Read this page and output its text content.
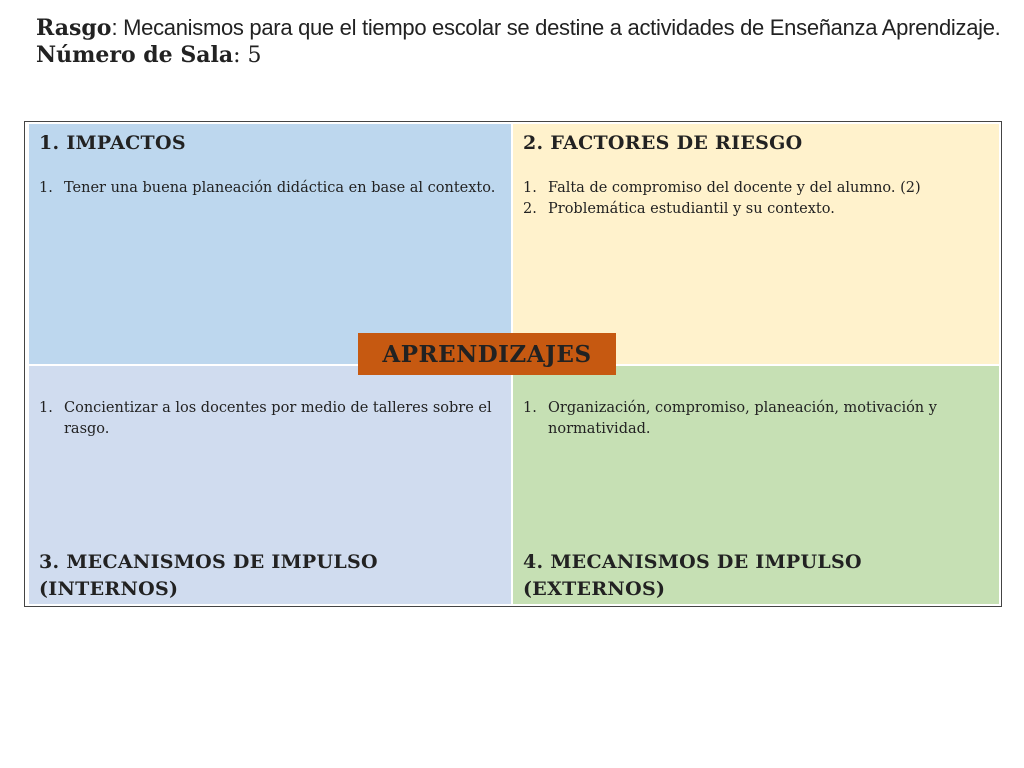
Rasgo: Mecanismos para que el tiempo escolar se destine a actividades de Enseñanza Aprendizaje.
Número de Sala: 5
1. IMPACTOS
1. Tener una buena planeación didáctica en base al contexto.
2. FACTORES DE RIESGO
1. Falta de compromiso del docente y del alumno. (2)
2. Problemática estudiantil y su contexto.
1. Concientizar a los docentes por medio de talleres sobre el rasgo.
3. MECANISMOS DE IMPULSO
(INTERNOS)
1. Organización, compromiso, planeación, motivación y normatividad.
4. MECANISMOS DE IMPULSO
(EXTERNOS)
APRENDIZAJES
